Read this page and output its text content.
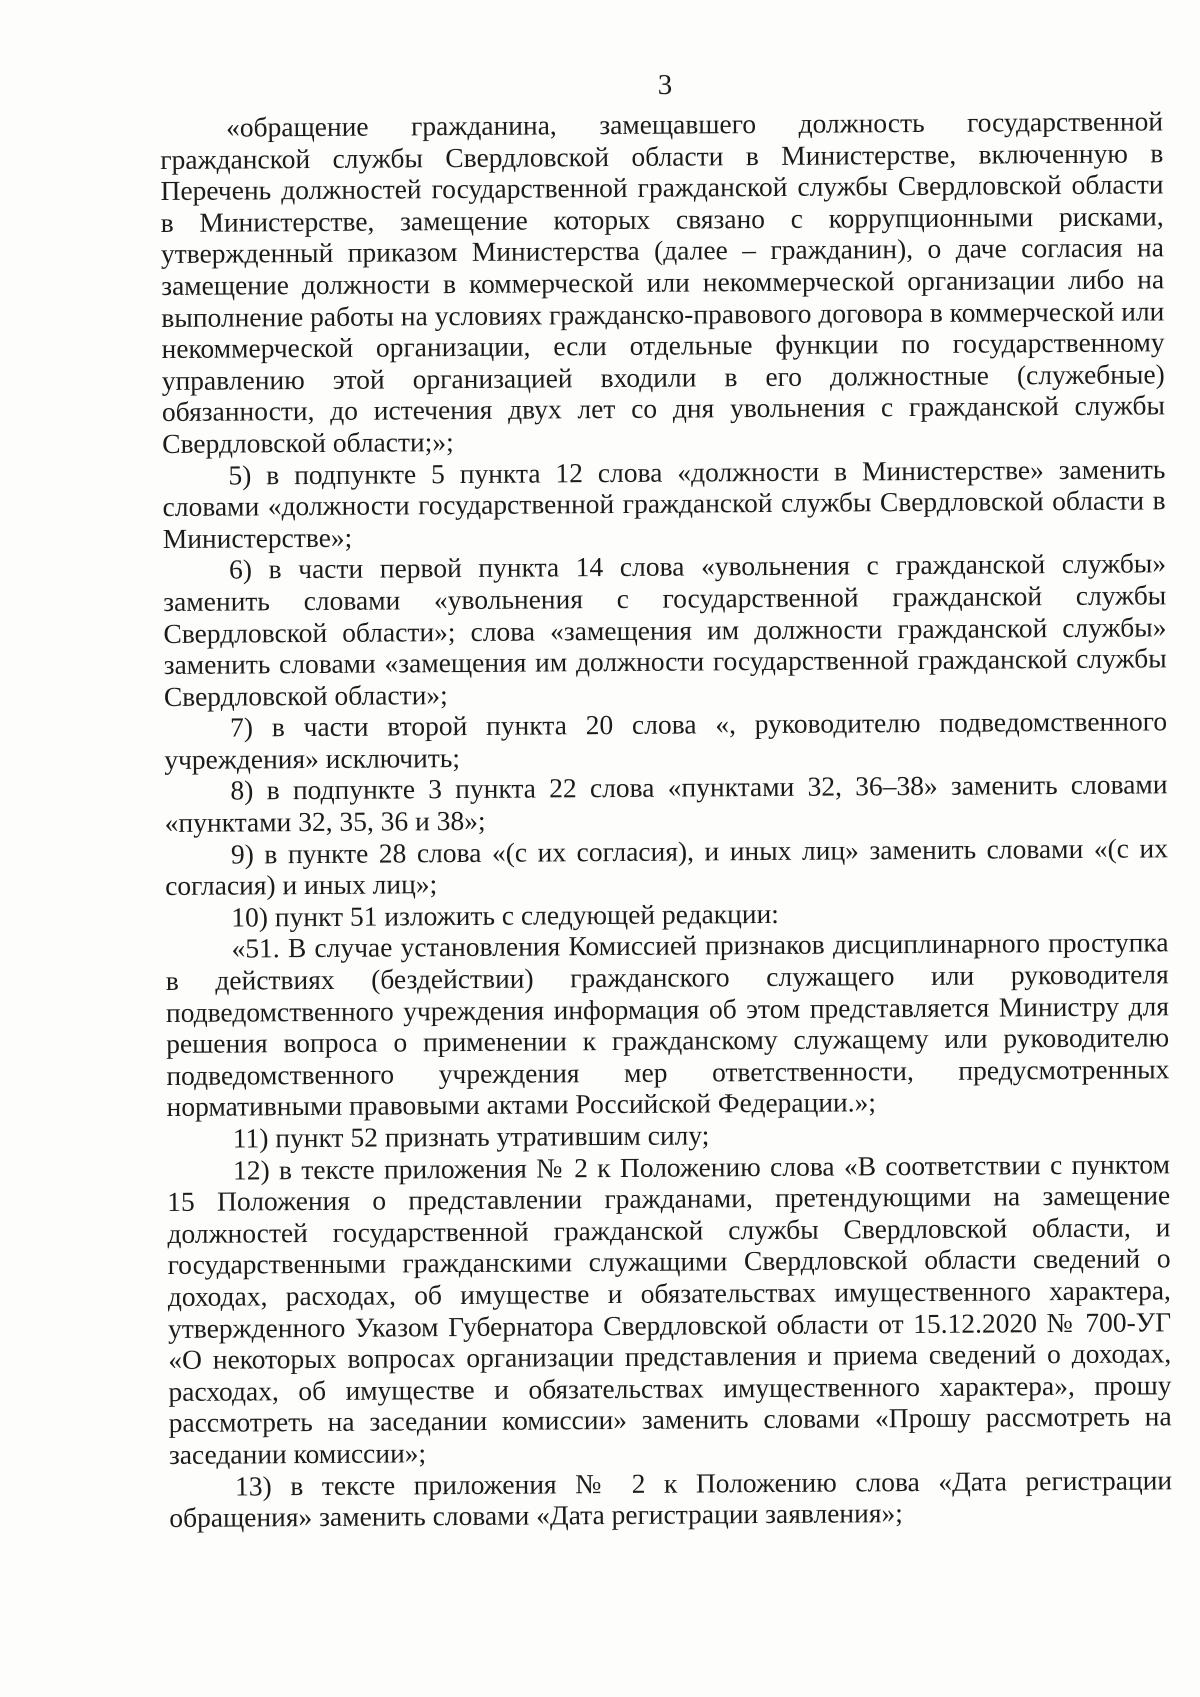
3

«обращение гражданина, замещавшего должность государственной гражданской службы Свердловской области в Министерстве, включенную в Перечень должностей государственной гражданской службы Свердловской области в Министерстве, замещение которых связано с коррупционными рисками, утвержденный приказом Министерства (далее – гражданин), о даче согласия на замещение должности в коммерческой или некоммерческой организации либо на выполнение работы на условиях гражданско-правового договора в коммерческой или некоммерческой организации, если отдельные функции по государственному управлению этой организацией входили в его должностные (служебные) обязанности, до истечения двух лет со дня увольнения с гражданской службы Свердловской области;»;

5) в подпункте 5 пункта 12 слова «должности в Министерстве» заменить словами «должности государственной гражданской службы Свердловской области в Министерстве»;

6) в части первой пункта 14 слова «увольнения с гражданской службы» заменить словами «увольнения с государственной гражданской службы Свердловской области»; слова «замещения им должности гражданской службы» заменить словами «замещения им должности государственной гражданской службы Свердловской области»;

7) в части второй пункта 20 слова «, руководителю подведомственного учреждения» исключить;

8) в подпункте 3 пункта 22 слова «пунктами 32, 36–38» заменить словами «пунктами 32, 35, 36 и 38»;

9) в пункте 28 слова «(с их согласия), и иных лиц» заменить словами «(с их согласия) и иных лиц»;

10) пункт 51 изложить с следующей редакции:

«51. В случае установления Комиссией признаков дисциплинарного проступка в действиях (бездействии) гражданского служащего или руководителя подведомственного учреждения информация об этом представляется Министру для решения вопроса о применении к гражданскому служащему или руководителю подведомственного учреждения мер ответственности, предусмотренных нормативными правовыми актами Российской Федерации.»;

11) пункт 52 признать утратившим силу;

12) в тексте приложения № 2 к Положению слова «В соответствии с пунктом 15 Положения о представлении гражданами, претендующими на замещение должностей государственной гражданской службы Свердловской области, и государственными гражданскими служащими Свердловской области сведений о доходах, расходах, об имуществе и обязательствах имущественного характера, утвержденного Указом Губернатора Свердловской области от 15.12.2020 № 700-УГ «О некоторых вопросах организации представления и приема сведений о доходах, расходах, об имуществе и обязательствах имущественного характера», прошу рассмотреть на заседании комиссии» заменить словами «Прошу рассмотреть на заседании комиссии»;

13) в тексте приложения № 2 к Положению слова «Дата регистрации обращения» заменить словами «Дата регистрации заявления»;
